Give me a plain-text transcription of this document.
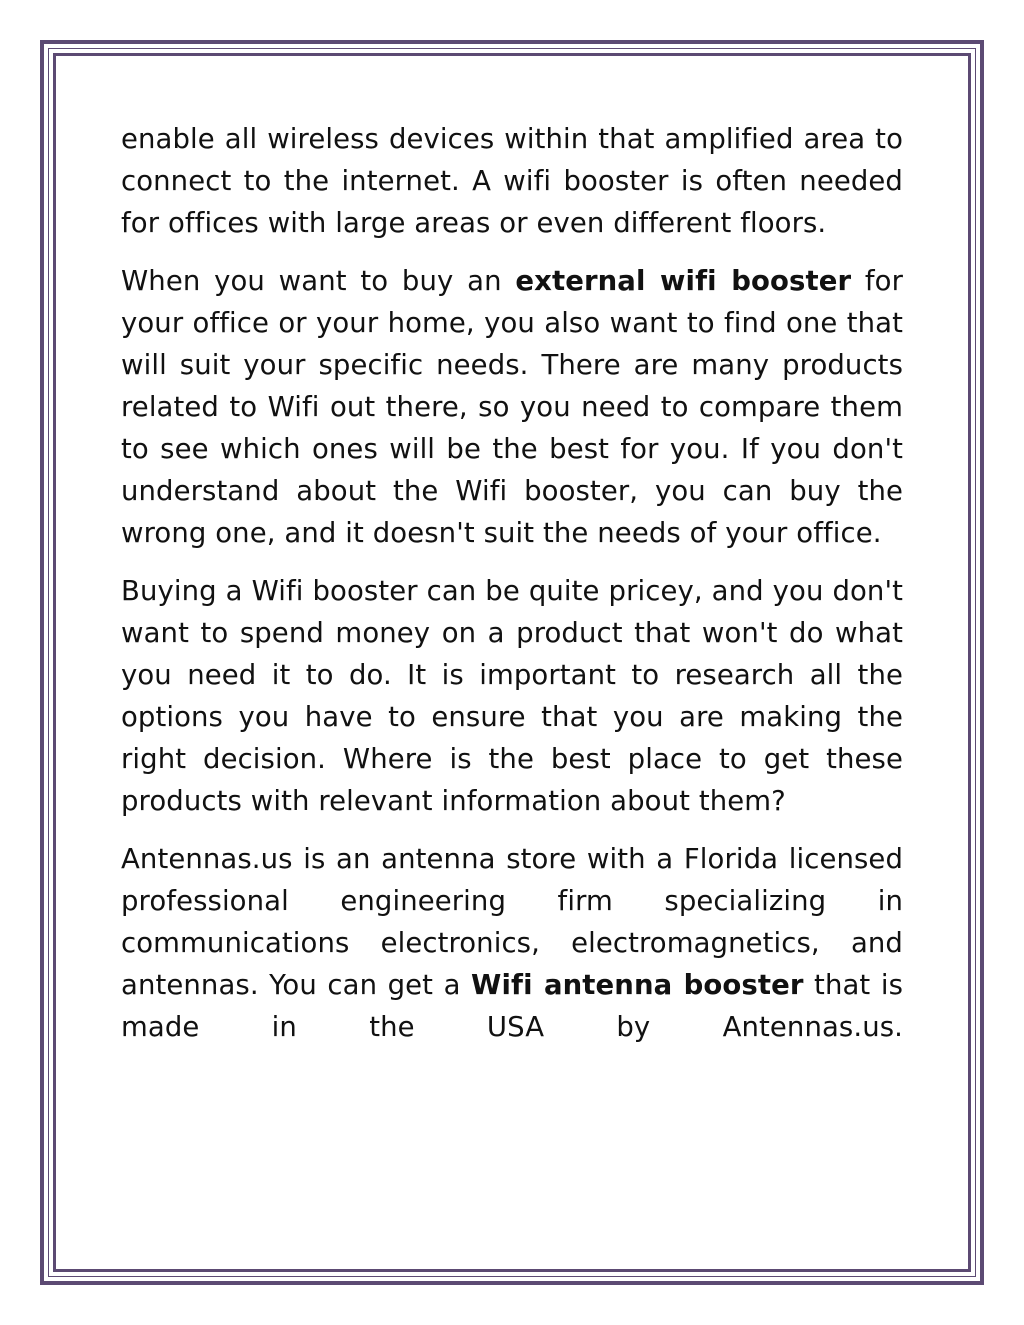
enable all wireless devices within that amplified area to connect to the internet. A wifi booster is often needed for offices with large areas or even different floors.

When you want to buy an external wifi booster for your office or your home, you also want to find one that will suit your specific needs. There are many products related to Wifi out there, so you need to compare them to see which ones will be the best for you. If you don't understand about the Wifi booster, you can buy the wrong one, and it doesn't suit the needs of your office.

Buying a Wifi booster can be quite pricey, and you don't want to spend money on a product that won't do what you need it to do. It is important to research all the options you have to ensure that you are making the right decision. Where is the best place to get these products with relevant information about them?

Antennas.us is an antenna store with a Florida licensed professional engineering firm specializing in communications electronics, electromagnetics, and antennas. You can get a Wifi antenna booster that is made in the USA by Antennas.us.
